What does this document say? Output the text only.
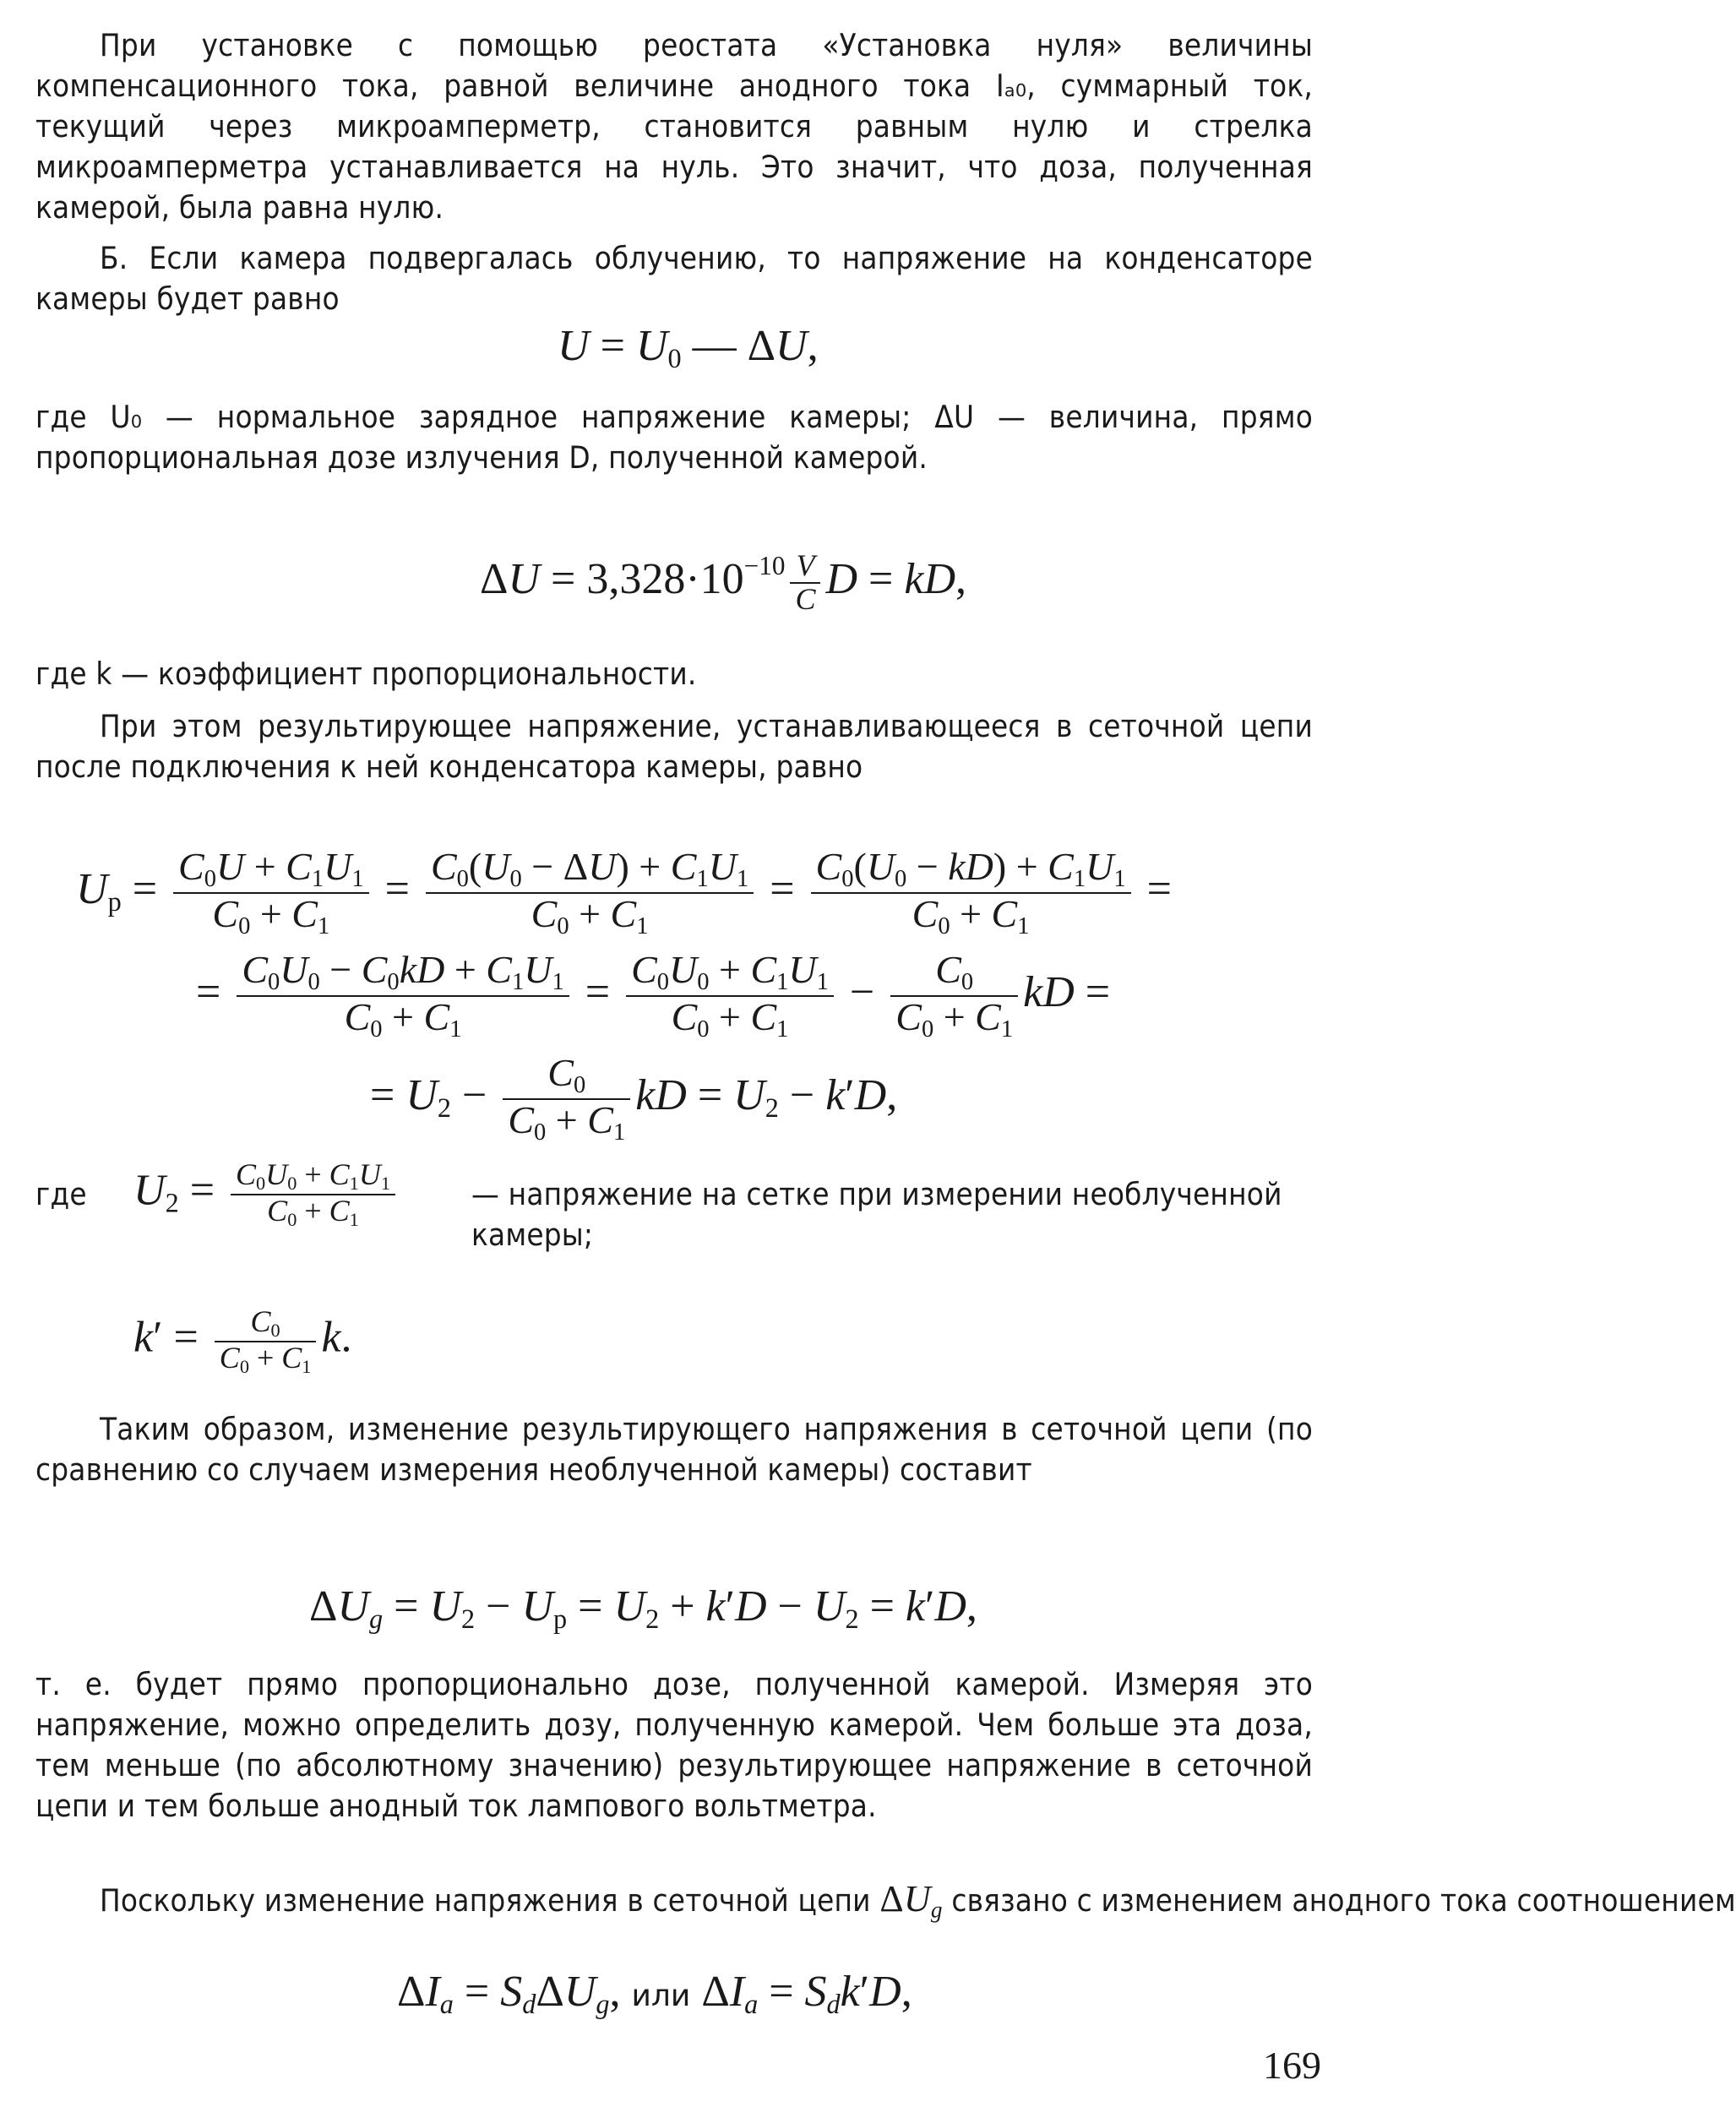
При установке с помощью реостата «Установка нуля» величины компенсационного тока, равной величине анодного тока Iₐ₀, суммарный ток, текущий через микроамперметр, становится равным нулю и стрелка микроамперметра устанавливается на нуль. Это значит, что доза, полученная камерой, была равна нулю.

Б. Если камера подвергалась облучению, то напряжение на конденсаторе камеры будет равно

$U = U_0$ — ΔU,

где U₀ — нормальное зарядное напряжение камеры; ΔU — величина, прямо пропорциональная дозе излучения D, полученной камерой.

$\Delta U = 3,328\cdot 10^{-10} \frac{V}{C}$ D = kD,

где k — коэффициент пропорциональности.

При этом результирующее напряжение, устанавливающееся в сеточной цепи после подключения к ней конденсатора камеры, равно

$U_p = \frac{C_0U + C_1U_1}{C_0 + C_1} = \frac{C_0(U_0 - \Delta U) + C_1U_1}{C_0 + C_1} = \frac{C_0(U_0 - kD) + C_1U_1}{C_0 + C_1}$ =
= $\frac{C_0U_0 - C_0kD + C_1U_1}{C_0 + C_1} = \frac{C_0U_0 + C_1U_1}{C_0 + C_1} - \frac{C_0}{C_0 + C_1}$ kD =
= $U_2 - \frac{C_0}{C_0 + C_1}$ kD = $U_2 - k'D$,
где	$U_2 = \frac{C_0U_0 + C_1U_1}{C_0 + C_1}$ — напряжение на сетке при измерении необлученной камеры;

$k' = \frac{C_0}{C_0 + C_1} k$.

Таким образом, изменение результирующего напряжения в сеточной цепи (по сравнению со случаем измерения необлученной камеры) составит

$\Delta U_g = U_2 - U_p = U_2 + k'D - U_2 = k'D$,

т. е. будет прямо пропорционально дозе, полученной камерой. Измеряя это напряжение, можно определить дозу, полученную камерой. Чем больше эта доза, тем меньше (по абсолютному значению) результирующее напряжение в сеточной цепи и тем больше анодный ток лампового вольтметра.

Поскольку изменение напряжения в сеточной цепи $\Delta U_g$ связано с изменением анодного тока соотношением
$\Delta I_a = S_d\Delta U_g$, или $\Delta I_a = S_dk'D$,
169
